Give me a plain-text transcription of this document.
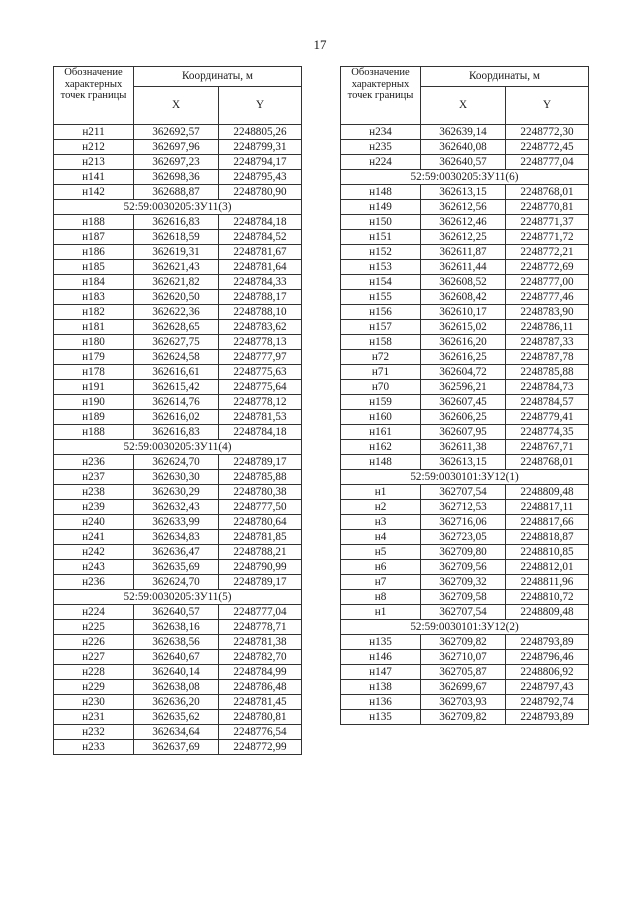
17
Обозначение характерных точек границы	Координаты, м	
	X	Y
н211	362692,57	2248805,26
н212	362697,96	2248799,31
н213	362697,23	2248794,17
н141	362698,36	2248795,43
н142	362688,87	2248780,90
52:59:0030205:ЗУ11(3)		
н188	362616,83	2248784,18
н187	362618,59	2248784,52
н186	362619,31	2248781,67
н185	362621,43	2248781,64
н184	362621,82	2248784,33
н183	362620,50	2248788,17
н182	362622,36	2248788,10
н181	362628,65	2248783,62
н180	362627,75	2248778,13
н179	362624,58	2248777,97
н178	362616,61	2248775,63
н191	362615,42	2248775,64
н190	362614,76	2248778,12
н189	362616,02	2248781,53
н188	362616,83	2248784,18
52:59:0030205:ЗУ11(4)		
н236	362624,70	2248789,17
н237	362630,30	2248785,88
н238	362630,29	2248780,38
н239	362632,43	2248777,50
н240	362633,99	2248780,64
н241	362634,83	2248781,85
н242	362636,47	2248788,21
н243	362635,69	2248790,99
н236	362624,70	2248789,17
52:59:0030205:ЗУ11(5)		
н224	362640,57	2248777,04
н225	362638,16	2248778,71
н226	362638,56	2248781,38
н227	362640,67	2248782,70
н228	362640,14	2248784,99
н229	362638,08	2248786,48
н230	362636,20	2248781,45
н231	362635,62	2248780,81
н232	362634,64	2248776,54
н233	362637,69	2248772,99
Обозначение характерных точек границы	Координаты, м	
	X	Y
н234	362639,14	2248772,30
н235	362640,08	2248772,45
н224	362640,57	2248777,04
52:59:0030205:ЗУ11(6)		
н148	362613,15	2248768,01
н149	362612,56	2248770,81
н150	362612,46	2248771,37
н151	362612,25	2248771,72
н152	362611,87	2248772,21
н153	362611,44	2248772,69
н154	362608,52	2248777,00
н155	362608,42	2248777,46
н156	362610,17	2248783,90
н157	362615,02	2248786,11
н158	362616,20	2248787,33
н72	362616,25	2248787,78
н71	362604,72	2248785,88
н70	362596,21	2248784,73
н159	362607,45	2248784,57
н160	362606,25	2248779,41
н161	362607,95	2248774,35
н162	362611,38	2248767,71
н148	362613,15	2248768,01
52:59:0030101:ЗУ12(1)		
н1	362707,54	2248809,48
н2	362712,53	2248817,11
н3	362716,06	2248817,66
н4	362723,05	2248818,87
н5	362709,80	2248810,85
н6	362709,56	2248812,01
н7	362709,32	2248811,96
н8	362709,58	2248810,72
н1	362707,54	2248809,48
52:59:0030101:ЗУ12(2)		
н135	362709,82	2248793,89
н146	362710,07	2248796,46
н147	362705,87	2248806,92
н138	362699,67	2248797,43
н136	362703,93	2248792,74
н135	362709,82	2248793,89
